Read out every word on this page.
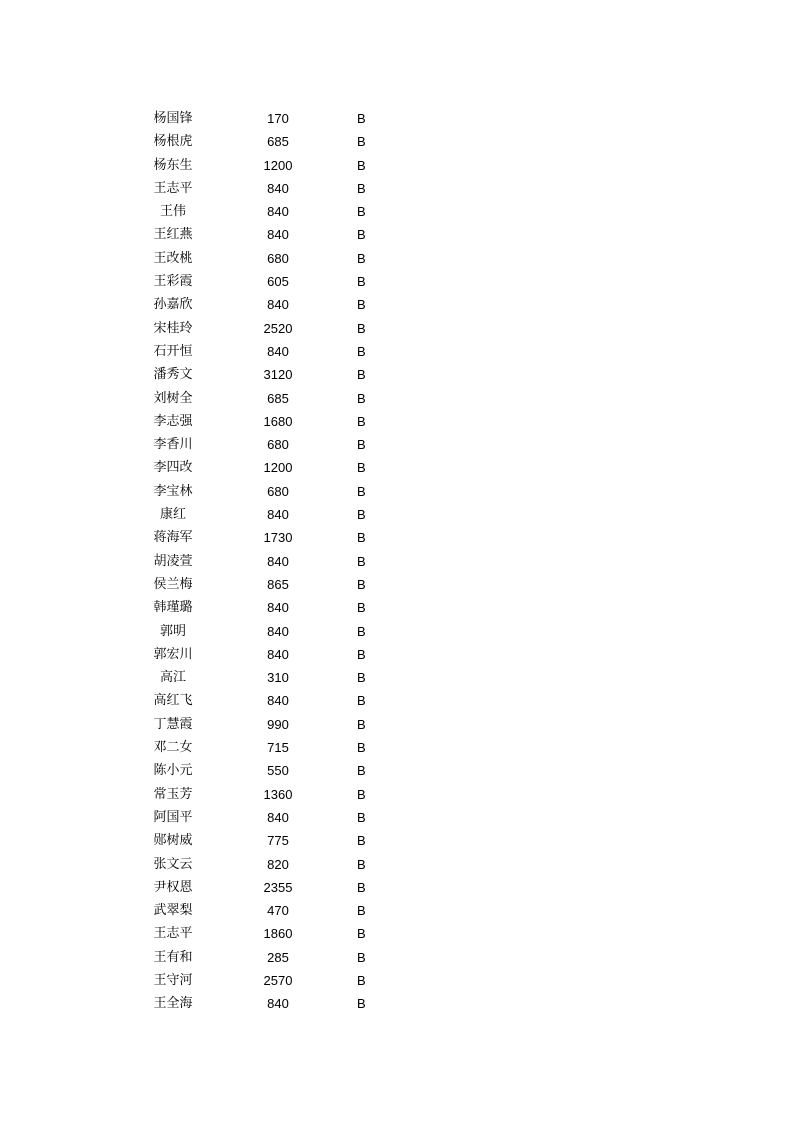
杨国锋	170	B
杨根虎	685	B
杨东生	1200	B
王志平	840	B
王伟	840	B
王红燕	840	B
王改桃	680	B
王彩霞	605	B
孙嘉欣	840	B
宋桂玲	2520	B
石开恒	840	B
潘秀文	3120	B
刘树全	685	B
李志强	1680	B
李香川	680	B
李四改	1200	B
李宝林	680	B
康红	840	B
蒋海军	1730	B
胡凌萱	840	B
侯兰梅	865	B
韩瑾璐	840	B
郭明	840	B
郭宏川	840	B
高江	310	B
高红飞	840	B
丁慧霞	990	B
邓二女	715	B
陈小元	550	B
常玉芳	1360	B
阿国平	840	B
郧树威	775	B
张文云	820	B
尹权恩	2355	B
武翠梨	470	B
王志平	1860	B
王有和	285	B
王守河	2570	B
王全海	840	B
